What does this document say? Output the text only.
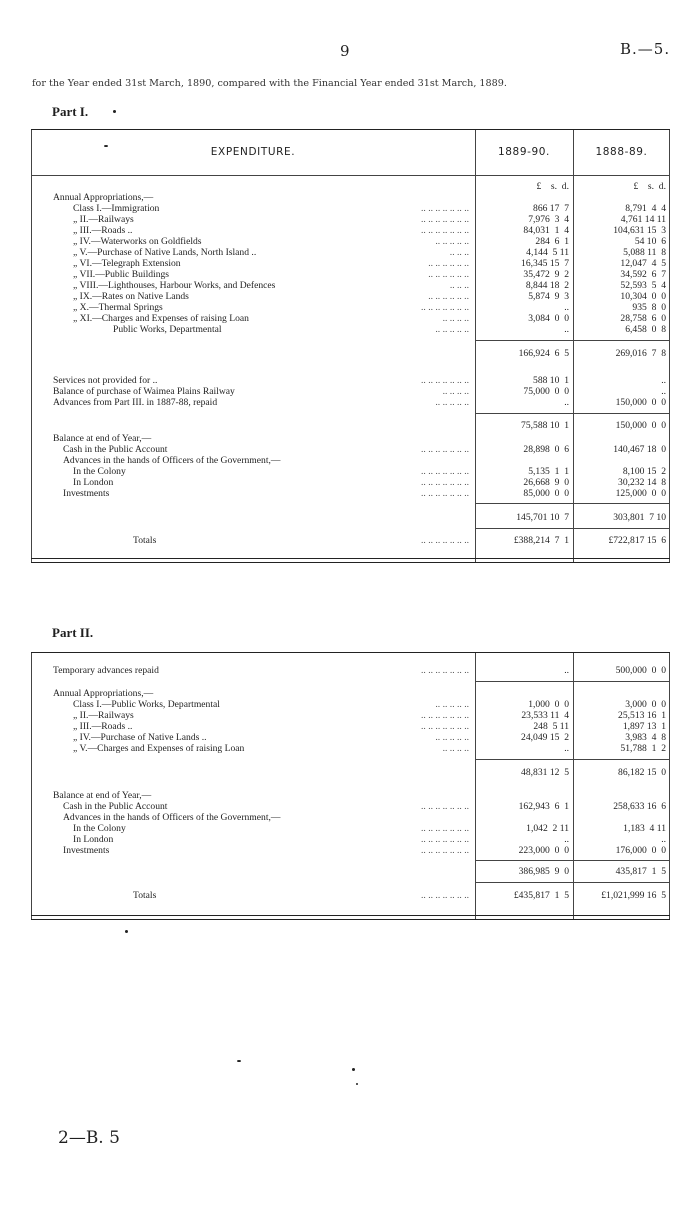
9	B.—5.
for the Year ended 31st March, 1890, compared with the Financial Year ended 31st March, 1889.
Part I.
EXPENDITURE.	1889-90.	1888-89.
Annual Appropriations,—
Class I.—Immigration	.. .. .. .. .. .. ..	866 17  7	8,791  4  4
„ II.—Railways	.. .. .. .. .. .. ..	7,976  3  4	4,761 14 11
„ III.—Roads ..	.. .. .. .. .. .. ..	84,031  1  4	104,631 15  3
„ IV.—Waterworks on Goldfields	.. .. .. .. ..	284  6  1	54 10  6
„ V.—Purchase of Native Lands, North Island ..	.. .. ..	4,144  5 11	5,088 11  8
„ VI.—Telegraph Extension	.. .. .. .. .. ..	16,345 15  7	12,047  4  5
„ VII.—Public Buildings	.. .. .. .. .. ..	35,472  9  2	34,592  6  7
„ VIII.—Lighthouses, Harbour Works, and Defences	.. .. ..	8,844 18  2	52,593  5  4
„ IX.—Rates on Native Lands	.. .. .. .. .. ..	5,874  9  3	10,304  0  0
„ X.—Thermal Springs	.. .. .. .. .. .. ..	..	935  8  0
„ XI.—Charges and Expenses of raising Loan	.. .. .. ..	3,084  0  0	28,758  6  0
Public Works, Departmental	.. .. .. .. ..	..	6,458  0  8
166,924  6  5	269,016  7  8
Services not provided for ..	.. .. .. .. .. .. ..	588 10  1	..
Balance of purchase of Waimea Plains Railway	.. .. .. ..	75,000  0  0	..
Advances from Part III. in 1887-88, repaid	.. .. .. .. ..	..	150,000  0  0
75,588 10  1	150,000  0  0
Balance at end of Year,—
Cash in the Public Account	.. .. .. .. .. .. ..	28,898  0  6	140,467 18  0
Advances in the hands of Officers of the Government,—
In the Colony	.. .. .. .. .. .. ..	5,135  1  1	8,100 15  2
In London	.. .. .. .. .. .. ..	26,668  9  0	30,232 14  8
Investments	.. .. .. .. .. .. ..	85,000  0  0	125,000  0  0
145,701 10  7	303,801  7 10
Totals	.. .. .. .. .. .. ..	£388,214  7  1	£722,817 15  6
£    s.  d.	£    s.  d.
Part II.
Temporary advances repaid	.. .. .. .. .. .. ..	..	500,000  0  0
Annual Appropriations,—
Class I.—Public Works, Departmental	.. .. .. .. ..	1,000  0  0	3,000  0  0
„ II.—Railways	.. .. .. .. .. .. ..	23,533 11  4	25,513 16  1
„ III.—Roads ..	.. .. .. .. .. .. ..	248  5 11	1,897 13  1
„ IV.—Purchase of Native Lands ..	.. .. .. .. ..	24,049 15  2	3,983  4  8
„ V.—Charges and Expenses of raising Loan	.. .. .. ..	..	51,788  1  2
48,831 12  5	86,182 15  0
Balance at end of Year,—
Cash in the Public Account	.. .. .. .. .. .. ..	162,943  6  1	258,633 16  6
Advances in the hands of Officers of the Government,—
In the Colony	.. .. .. .. .. .. ..	1,042  2 11	1,183  4 11
In London	.. .. .. .. .. .. ..	..	..
Investments	.. .. .. .. .. .. ..	223,000  0  0	176,000  0  0
386,985  9  0	435,817  1  5
Totals	.. .. .. .. .. .. ..	£435,817  1  5	£1,021,999 16  5
2—B. 5
